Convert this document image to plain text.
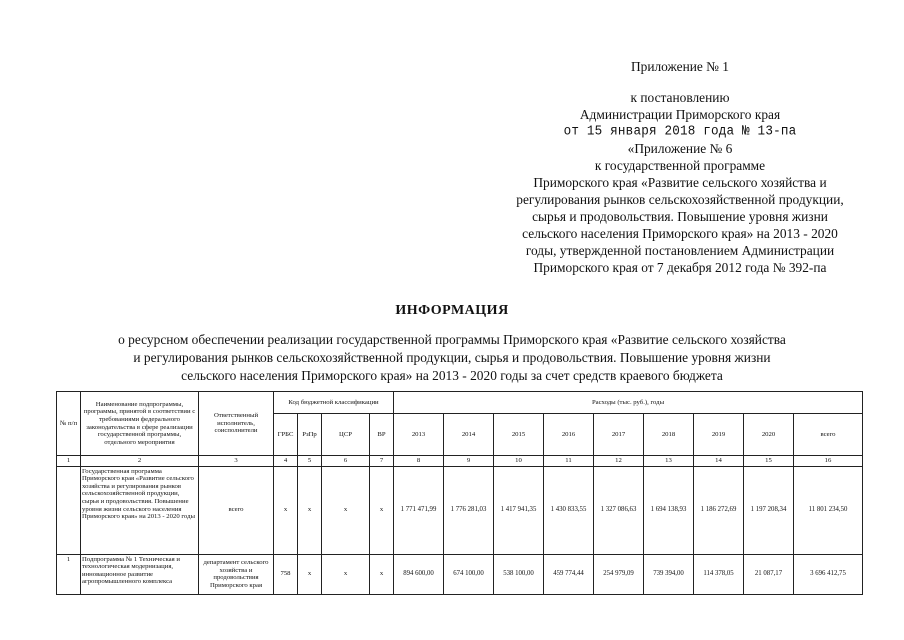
Приложение № 1
к постановлению
Администрации Приморского края
от 15 января 2018 года № 13-па
«Приложение № 6
к государственной программе
Приморского края «Развитие сельского хозяйства и
регулирования рынков сельскохозяйственной продукции,
сырья и продовольствия. Повышение уровня жизни
сельского населения Приморского края» на 2013 - 2020
годы, утвержденной постановлением Администрации
Приморского края от 7 декабря 2012 года № 392-па
ИНФОРМАЦИЯ
о ресурсном обеспечении реализации государственной программы Приморского края «Развитие сельского хозяйства
и регулирования рынков сельскохозяйственной продукции, сырья и продовольствия. Повышение уровня жизни
сельского населения Приморского края» на 2013 - 2020 годы за счет средств краевого бюджета
№ п/п	Наименование подпрограммы, программы, принятой в соответствии с требованиями федерального законодательства в сфере реализации государственной программы, отдельного мероприятия	Ответственный исполнитель, соисполнители	Код бюджетной классификации				Расходы (тыс. руб.), годы								
			ГРБС	РзПр	ЦСР	ВР	2013	2014	2015	2016	2017	2018	2019	2020	всего
1	2	3	4	5	6	7	8	9	10	11	12	13	14	15	16
	Государственная программа Приморского края «Развитие сельского хозяйства и регулирования рынков сельскохозяйственной продукции, сырья и продовольствия. Повышение уровня жизни сельского населения Приморского края» на 2013 - 2020 годы	всего	x	x	x	x	1 771 471,99	1 776 281,03	1 417 941,35	1 430 833,55	1 327 086,63	1 694 138,93	1 186 272,69	1 197 208,34	11 801 234,50
1	Подпрограмма № 1 Техническая и технологическая модернизация, инновационное развитие агропромышленного комплекса	департамент сельского хозяйства и продовольствия Приморского края	758	x	x	x	894 600,00	674 100,00	538 100,00	459 774,44	254 979,09	739 394,00	114 378,05	21 087,17	3 696 412,75
